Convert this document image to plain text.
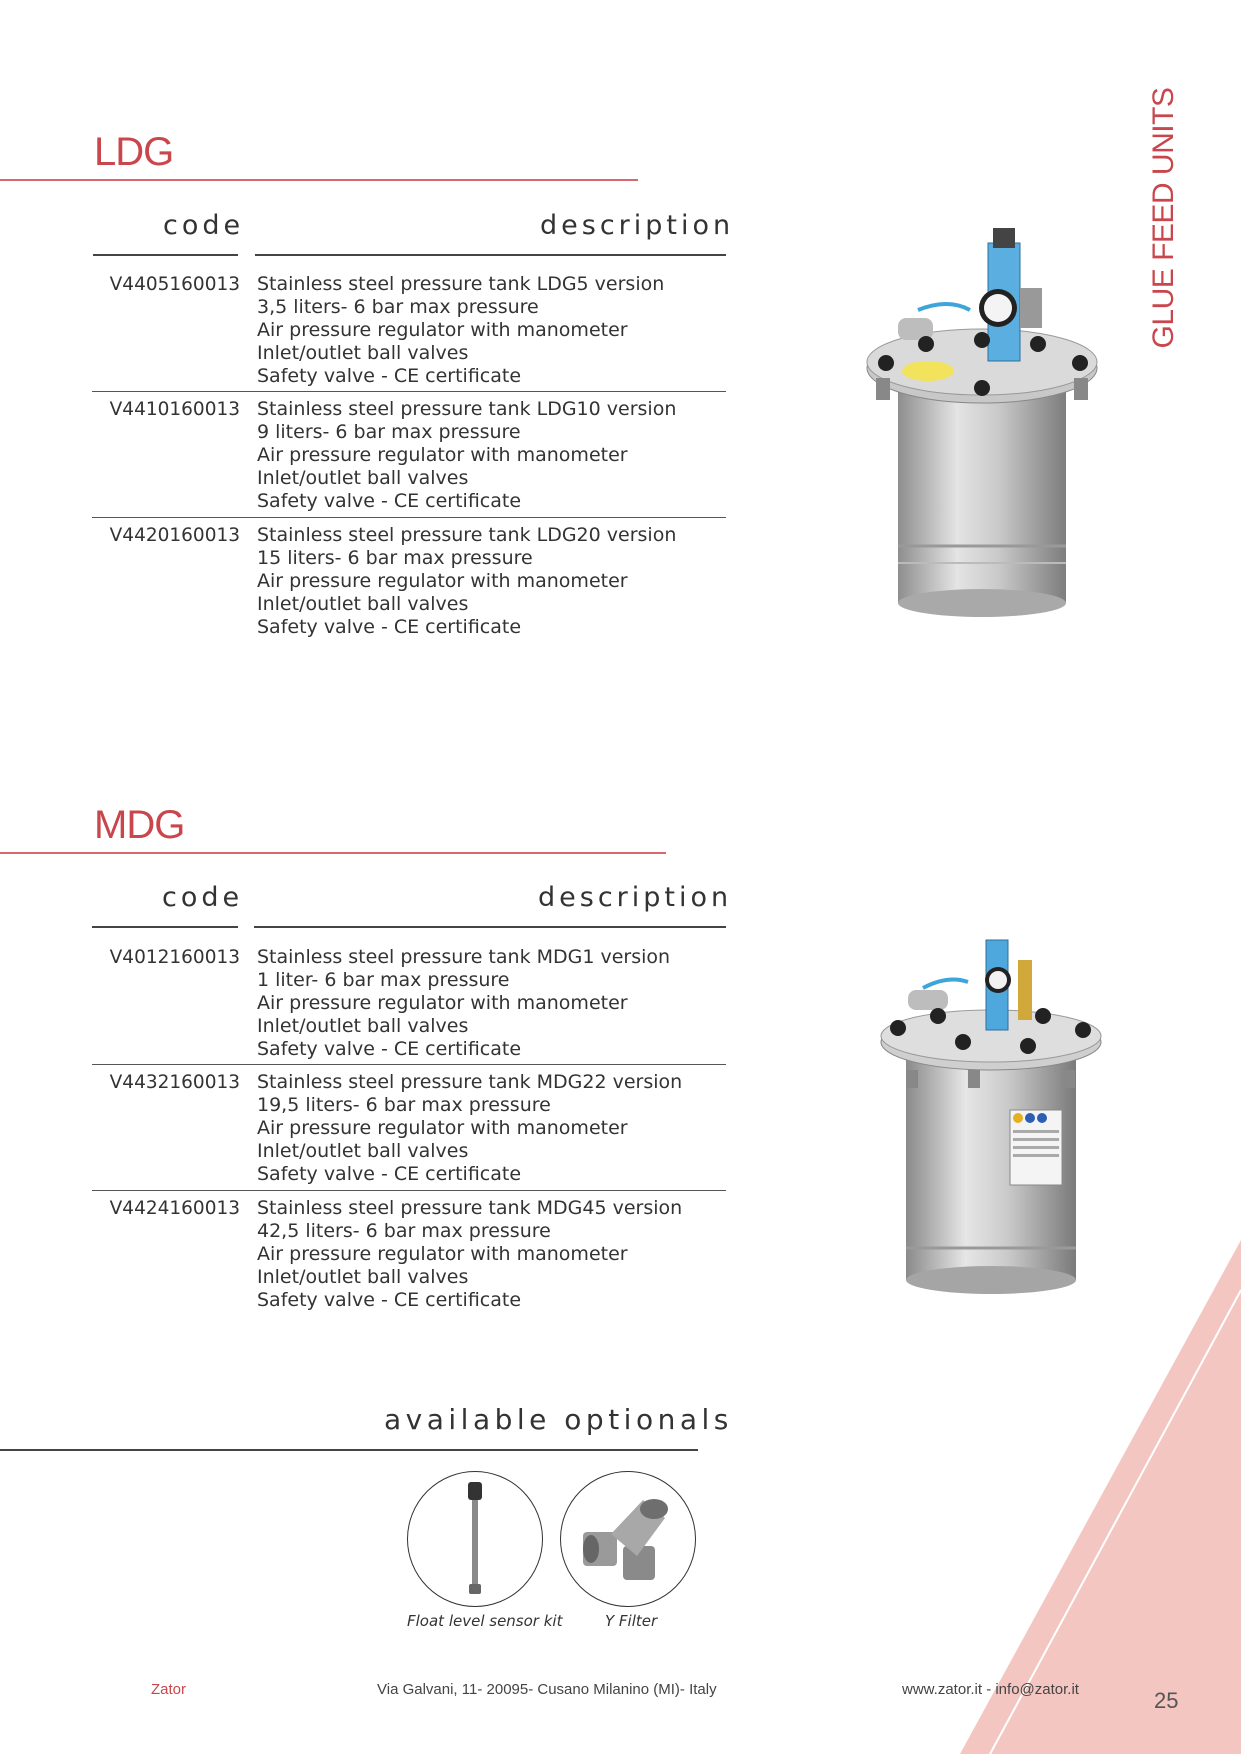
GLUE FEED UNITS
LDG
code	description
V4405160013 Stainless steel pressure tank LDG5 version
3,5 liters- 6 bar max pressure
Air pressure regulator with manometer
Inlet/outlet ball valves
Safety valve - CE certificate
V4410160013 Stainless steel pressure tank LDG10 version
9 liters- 6 bar max pressure
Air pressure regulator with manometer
Inlet/outlet ball valves
Safety valve - CE certificate
V4420160013 Stainless steel pressure tank LDG20 version
15 liters- 6 bar max pressure
Air pressure regulator with manometer
Inlet/outlet ball valves
Safety valve - CE certificate
MDG
code	description
V4012160013 Stainless steel pressure tank MDG1 version
1 liter- 6 bar max pressure
Air pressure regulator with manometer
Inlet/outlet ball valves
Safety valve - CE certificate
V4432160013 Stainless steel pressure tank MDG22 version
19,5 liters- 6 bar max pressure
Air pressure regulator with manometer
Inlet/outlet ball valves
Safety valve - CE certificate
V4424160013 Stainless steel pressure tank MDG45 version
42,5 liters- 6 bar max pressure
Air pressure regulator with manometer
Inlet/outlet ball valves
Safety valve - CE certificate
available optionals
Float level sensor kit	Y Filter
Zator	Via Galvani, 11- 20095- Cusano Milanino (MI)- Italy	www.zator.it - info@zator.it	25
